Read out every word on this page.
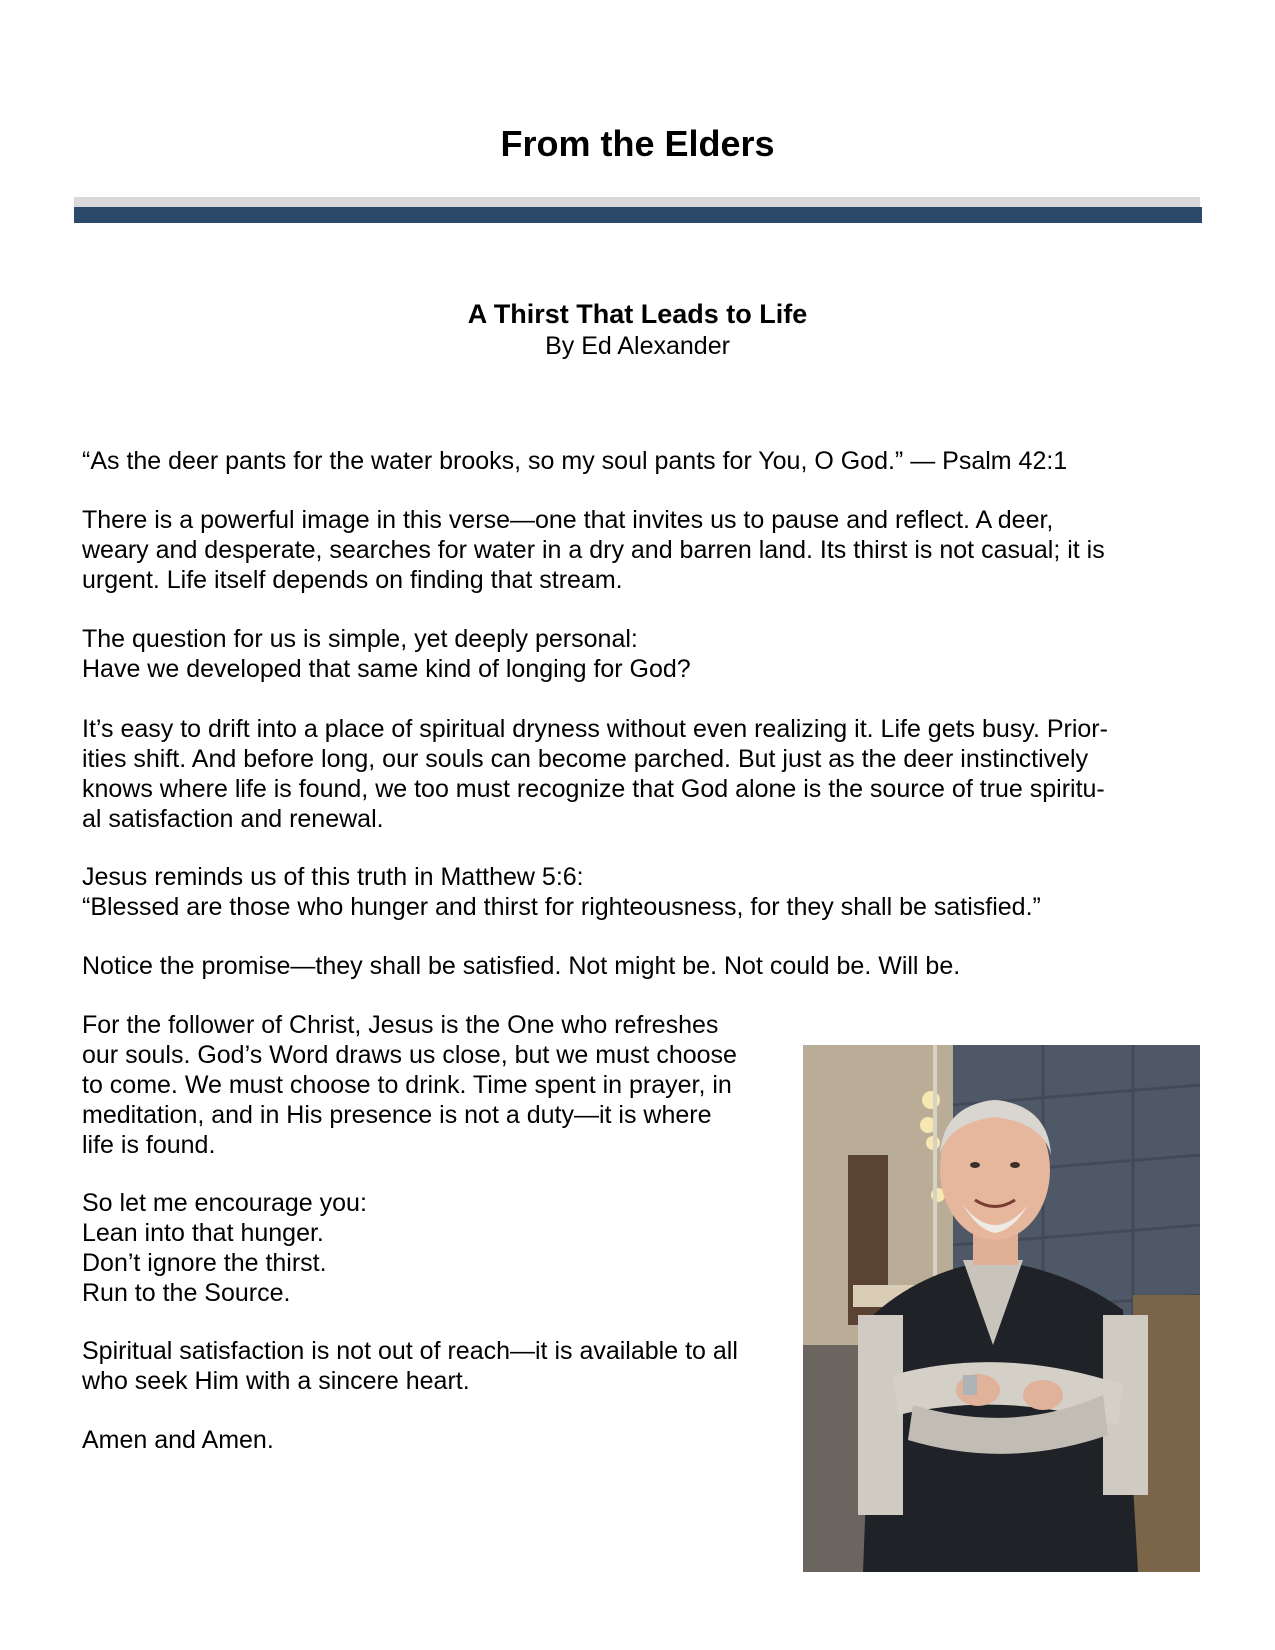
From the Elders
A Thirst That Leads to Life
By Ed Alexander

“As the deer pants for the water brooks, so my soul pants for You, O God.” — Psalm 42:1

There is a powerful image in this verse—one that invites us to pause and reflect. A deer,
weary and desperate, searches for water in a dry and barren land. Its thirst is not casual; it is
urgent. Life itself depends on finding that stream.

The question for us is simple, yet deeply personal:
Have we developed that same kind of longing for God?

It’s easy to drift into a place of spiritual dryness without even realizing it. Life gets busy. Prior-
ities shift. And before long, our souls can become parched. But just as the deer instinctively
knows where life is found, we too must recognize that God alone is the source of true spiritu-
al satisfaction and renewal.

Jesus reminds us of this truth in Matthew 5:6:
“Blessed are those who hunger and thirst for righteousness, for they shall be satisfied.”

Notice the promise—they shall be satisfied. Not might be. Not could be. Will be.

For the follower of Christ, Jesus is the One who refreshes
our souls. God’s Word draws us close, but we must choose
to come. We must choose to drink. Time spent in prayer, in
meditation, and in His presence is not a duty—it is where
life is found.

So let me encourage you:
Lean into that hunger.
Don’t ignore the thirst.
Run to the Source.

Spiritual satisfaction is not out of reach—it is available to all
who seek Him with a sincere heart.

Amen and Amen.
